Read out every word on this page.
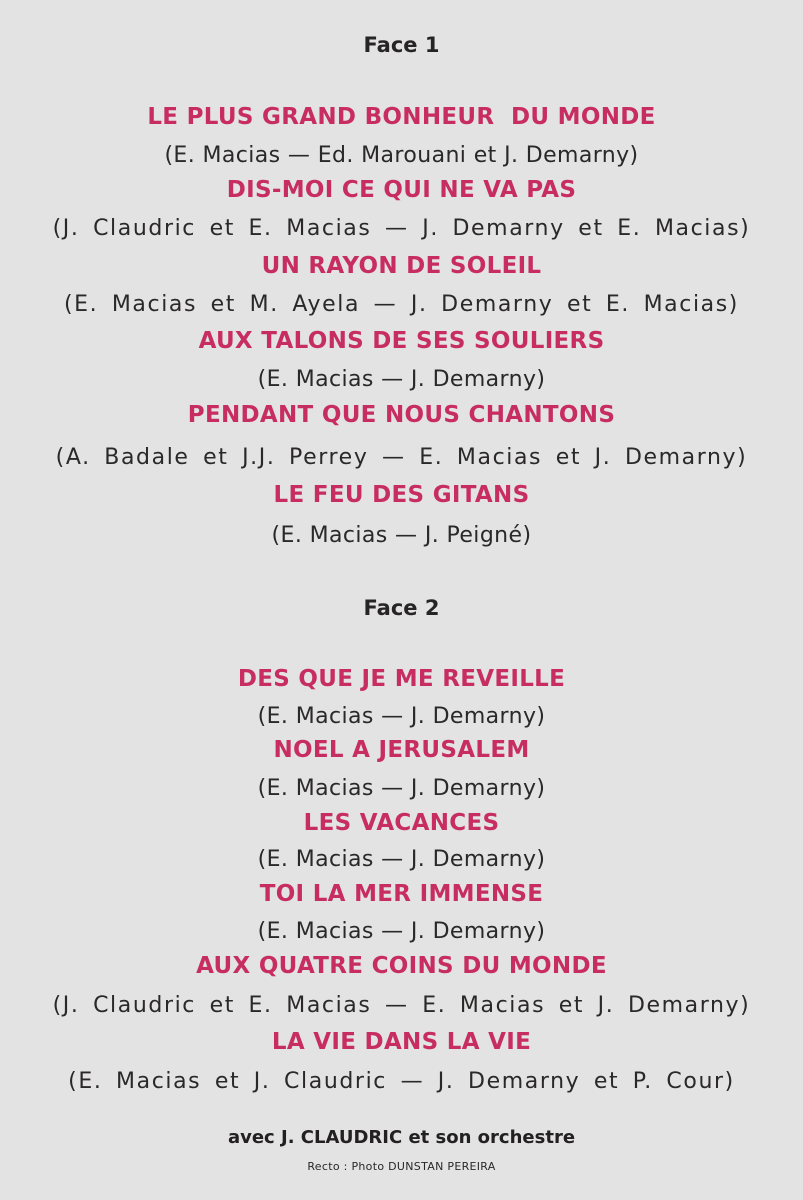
Face 1
LE PLUS GRAND BONHEUR  DU MONDE
(E. Macias — Ed. Marouani et J. Demarny)
DIS-MOI CE QUI NE VA PAS
(J. Claudric et E. Macias — J. Demarny et E. Macias)
UN RAYON DE SOLEIL
(E. Macias et M. Ayela — J. Demarny et E. Macias)
AUX TALONS DE SES SOULIERS
(E. Macias — J. Demarny)
PENDANT QUE NOUS CHANTONS
(A. Badale et J.J. Perrey — E. Macias et J. Demarny)
LE FEU DES GITANS
(E. Macias — J. Peigné)
Face 2
DES QUE JE ME REVEILLE
(E. Macias — J. Demarny)
NOEL A JERUSALEM
(E. Macias — J. Demarny)
LES VACANCES
(E. Macias — J. Demarny)
TOI LA MER IMMENSE
(E. Macias — J. Demarny)
AUX QUATRE COINS DU MONDE
(J. Claudric et E. Macias — E. Macias et J. Demarny)
LA VIE DANS LA VIE
(E. Macias et J. Claudric — J. Demarny et P. Cour)
avec J. CLAUDRIC et son orchestre
Recto : Photo DUNSTAN PEREIRA
